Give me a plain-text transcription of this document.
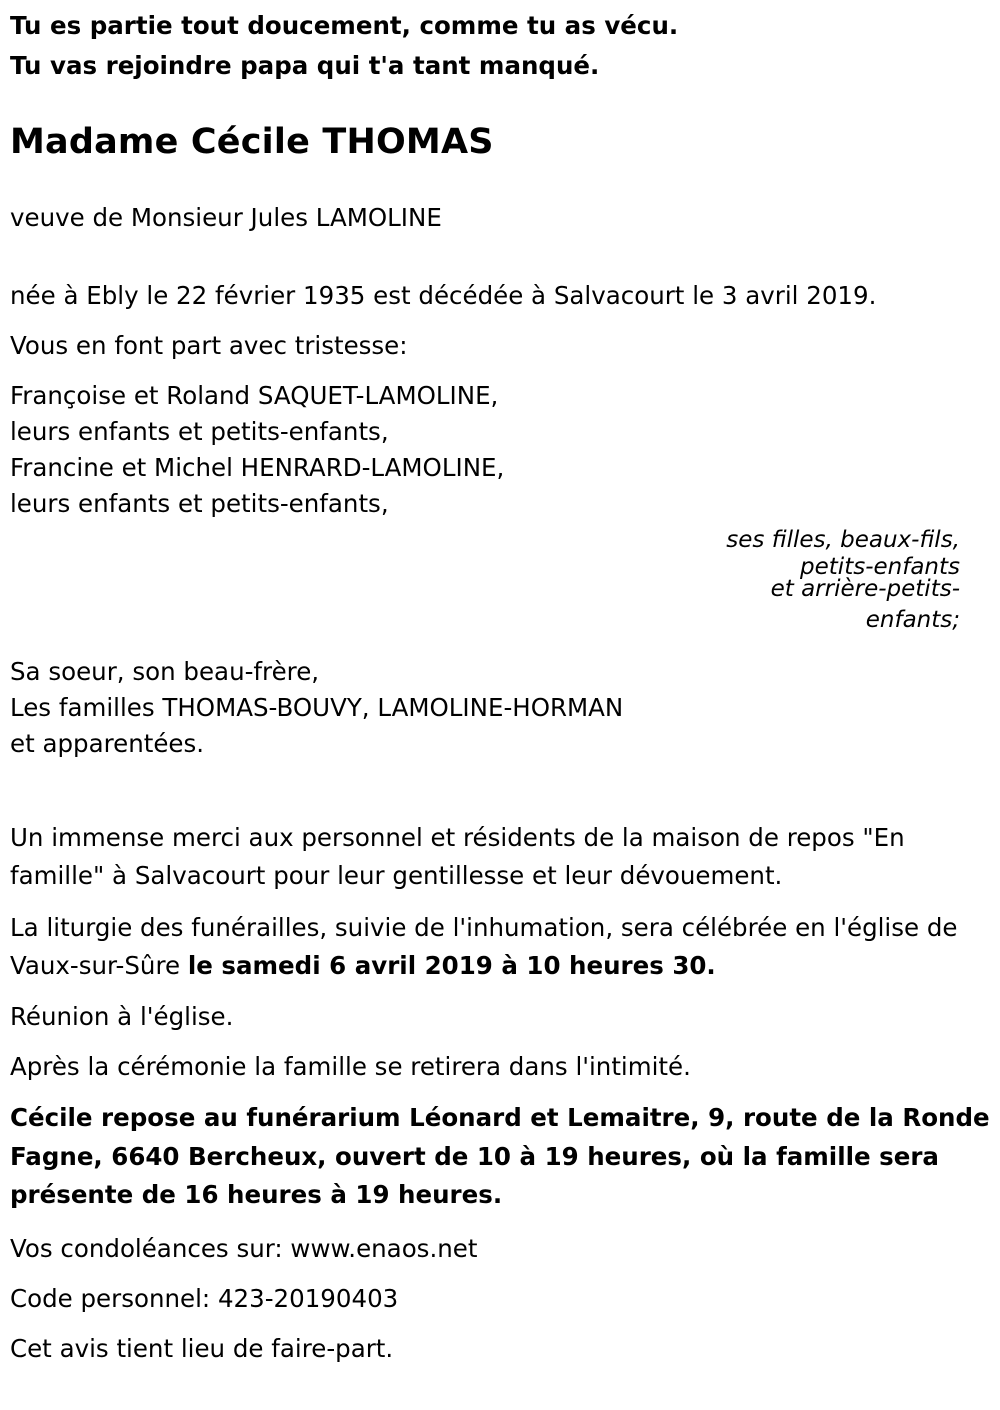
Tu es partie tout doucement, comme tu as vécu.
Tu vas rejoindre papa qui t'a tant manqué.
Madame Cécile THOMAS
veuve de Monsieur Jules LAMOLINE
née à Ebly le 22 février 1935 est décédée à Salvacourt le 3 avril 2019.
Vous en font part avec tristesse:
Françoise et Roland SAQUET-LAMOLINE,
leurs enfants et petits-enfants,
Francine et Michel HENRARD-LAMOLINE,
leurs enfants et petits-enfants,
ses filles, beaux-fils,
petits-enfants
et arrière-petits-
enfants;
Sa soeur, son beau-frère,
Les familles THOMAS-BOUVY, LAMOLINE-HORMAN
et apparentées.
Un immense merci aux personnel et résidents de la maison de repos "En famille" à Salvacourt pour leur gentillesse et leur dévouement.
La liturgie des funérailles, suivie de l'inhumation, sera célébrée en l'église de Vaux-sur-Sûre le samedi 6 avril 2019 à 10 heures 30.
Réunion à l'église.
Après la cérémonie la famille se retirera dans l'intimité.
Cécile repose au funérarium Léonard et Lemaitre, 9, route de la Ronde Fagne, 6640 Bercheux, ouvert de 10 à 19 heures, où la famille sera présente de 16 heures à 19 heures.
Vos condoléances sur: www.enaos.net
Code personnel: 423-20190403
Cet avis tient lieu de faire-part.
